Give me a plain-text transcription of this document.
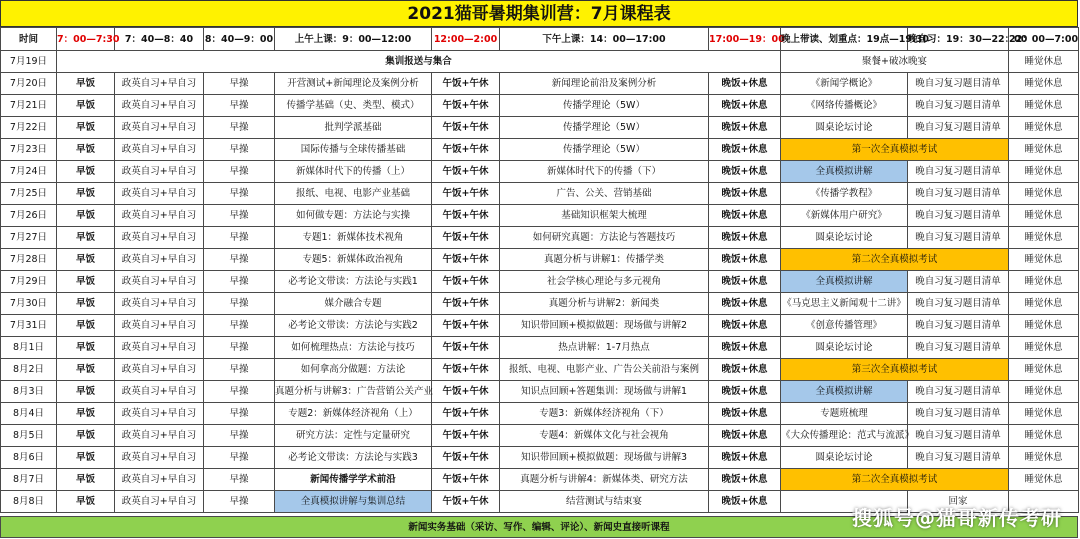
2021猫哥暑期集训营：7月课程表
时间	7：00—7:30	7：40—8：40	8：40—9：00	上午上课：9：00—12:00	12:00—2:00	下午上课：14：00—17:00	17:00—19：00	晚上带读、划重点：19点—19:30	晚自习：19：30—22：00	22：00—7:00
7月19日	集训报送与集合							聚餐+破冰晚宴		睡觉休息
7月20日	早饭	政英自习+早自习	早操	开营测试+新闻理论及案例分析	午饭+午休	新闻理论前沿及案例分析	晚饭+休息	《新闻学概论》	晚自习复习题目清单	睡觉休息
7月21日	早饭	政英自习+早自习	早操	传播学基础（史、类型、模式）	午饭+午休	传播学理论（5W）	晚饭+休息	《网络传播概论》	晚自习复习题目清单	睡觉休息
7月22日	早饭	政英自习+早自习	早操	批判学派基础	午饭+午休	传播学理论（5W）	晚饭+休息	圆桌论坛讨论	晚自习复习题目清单	睡觉休息
7月23日	早饭	政英自习+早自习	早操	国际传播与全球传播基础	午饭+午休	传播学理论（5W）	晚饭+休息	第一次全真模拟考试		睡觉休息
7月24日	早饭	政英自习+早自习	早操	新媒体时代下的传播（上）	午饭+午休	新媒体时代下的传播（下）	晚饭+休息	全真模拟讲解	晚自习复习题目清单	睡觉休息
7月25日	早饭	政英自习+早自习	早操	报纸、电视、电影产业基础	午饭+午休	广告、公关、营销基础	晚饭+休息	《传播学教程》	晚自习复习题目清单	睡觉休息
7月26日	早饭	政英自习+早自习	早操	如何做专题：方法论与实操	午饭+午休	基础知识框架大梳理	晚饭+休息	《新媒体用户研究》	晚自习复习题目清单	睡觉休息
7月27日	早饭	政英自习+早自习	早操	专题1：新媒体技术视角	午饭+午休	如何研究真题：方法论与答题技巧	晚饭+休息	圆桌论坛讨论	晚自习复习题目清单	睡觉休息
7月28日	早饭	政英自习+早自习	早操	专题5：新媒体政治视角	午饭+午休	真题分析与讲解1：传播学类	晚饭+休息	第二次全真模拟考试		睡觉休息
7月29日	早饭	政英自习+早自习	早操	必考论文带读：方法论与实践1	午饭+午休	社会学核心理论与多元视角	晚饭+休息	全真模拟讲解	晚自习复习题目清单	睡觉休息
7月30日	早饭	政英自习+早自习	早操	媒介融合专题	午饭+午休	真题分析与讲解2：新闻类	晚饭+休息	《马克思主义新闻观十二讲》	晚自习复习题目清单	睡觉休息
7月31日	早饭	政英自习+早自习	早操	必考论文带读：方法论与实践2	午饭+午休	知识带回顾+模拟做题：现场做与讲解2	晚饭+休息	《创意传播管理》	晚自习复习题目清单	睡觉休息
8月1日	早饭	政英自习+早自习	早操	如何梳理热点：方法论与技巧	午饭+午休	热点讲解：1-7月热点	晚饭+休息	圆桌论坛讨论	晚自习复习题目清单	睡觉休息
8月2日	早饭	政英自习+早自习	早操	如何拿高分做题：方法论	午饭+午休	报纸、电视、电影产业、广告公关前沿与案例	晚饭+休息	第三次全真模拟考试		睡觉休息
8月3日	早饭	政英自习+早自习	早操	真题分析与讲解3：广告营销公关产业	午饭+午休	知识点回顾+答题集训：现场做与讲解1	晚饭+休息	全真模拟讲解	晚自习复习题目清单	睡觉休息
8月4日	早饭	政英自习+早自习	早操	专题2：新媒体经济视角（上）	午饭+午休	专题3：新媒体经济视角（下）	晚饭+休息	专题班梳理	晚自习复习题目清单	睡觉休息
8月5日	早饭	政英自习+早自习	早操	研究方法：定性与定量研究	午饭+午休	专题4：新媒体文化与社会视角	晚饭+休息	《大众传播理论：范式与流派》	晚自习复习题目清单	睡觉休息
8月6日	早饭	政英自习+早自习	早操	必考论文带读：方法论与实践3	午饭+午休	知识带回顾+模拟做题：现场做与讲解3	晚饭+休息	圆桌论坛讨论	晚自习复习题目清单	睡觉休息
8月7日	早饭	政英自习+早自习	早操	新闻传播学学术前沿	午饭+午休	真题分析与讲解4：新媒体类、研究方法	晚饭+休息	第二次全真模拟考试		睡觉休息
8月8日	早饭	政英自习+早自习	早操	全真模拟讲解与集训总结	午饭+午休	结营测试与结束宴	晚饭+休息		回家	
新闻实务基础（采访、写作、编辑、评论）、新闻史直接听课程	搜狐号@猫哥新传考研
